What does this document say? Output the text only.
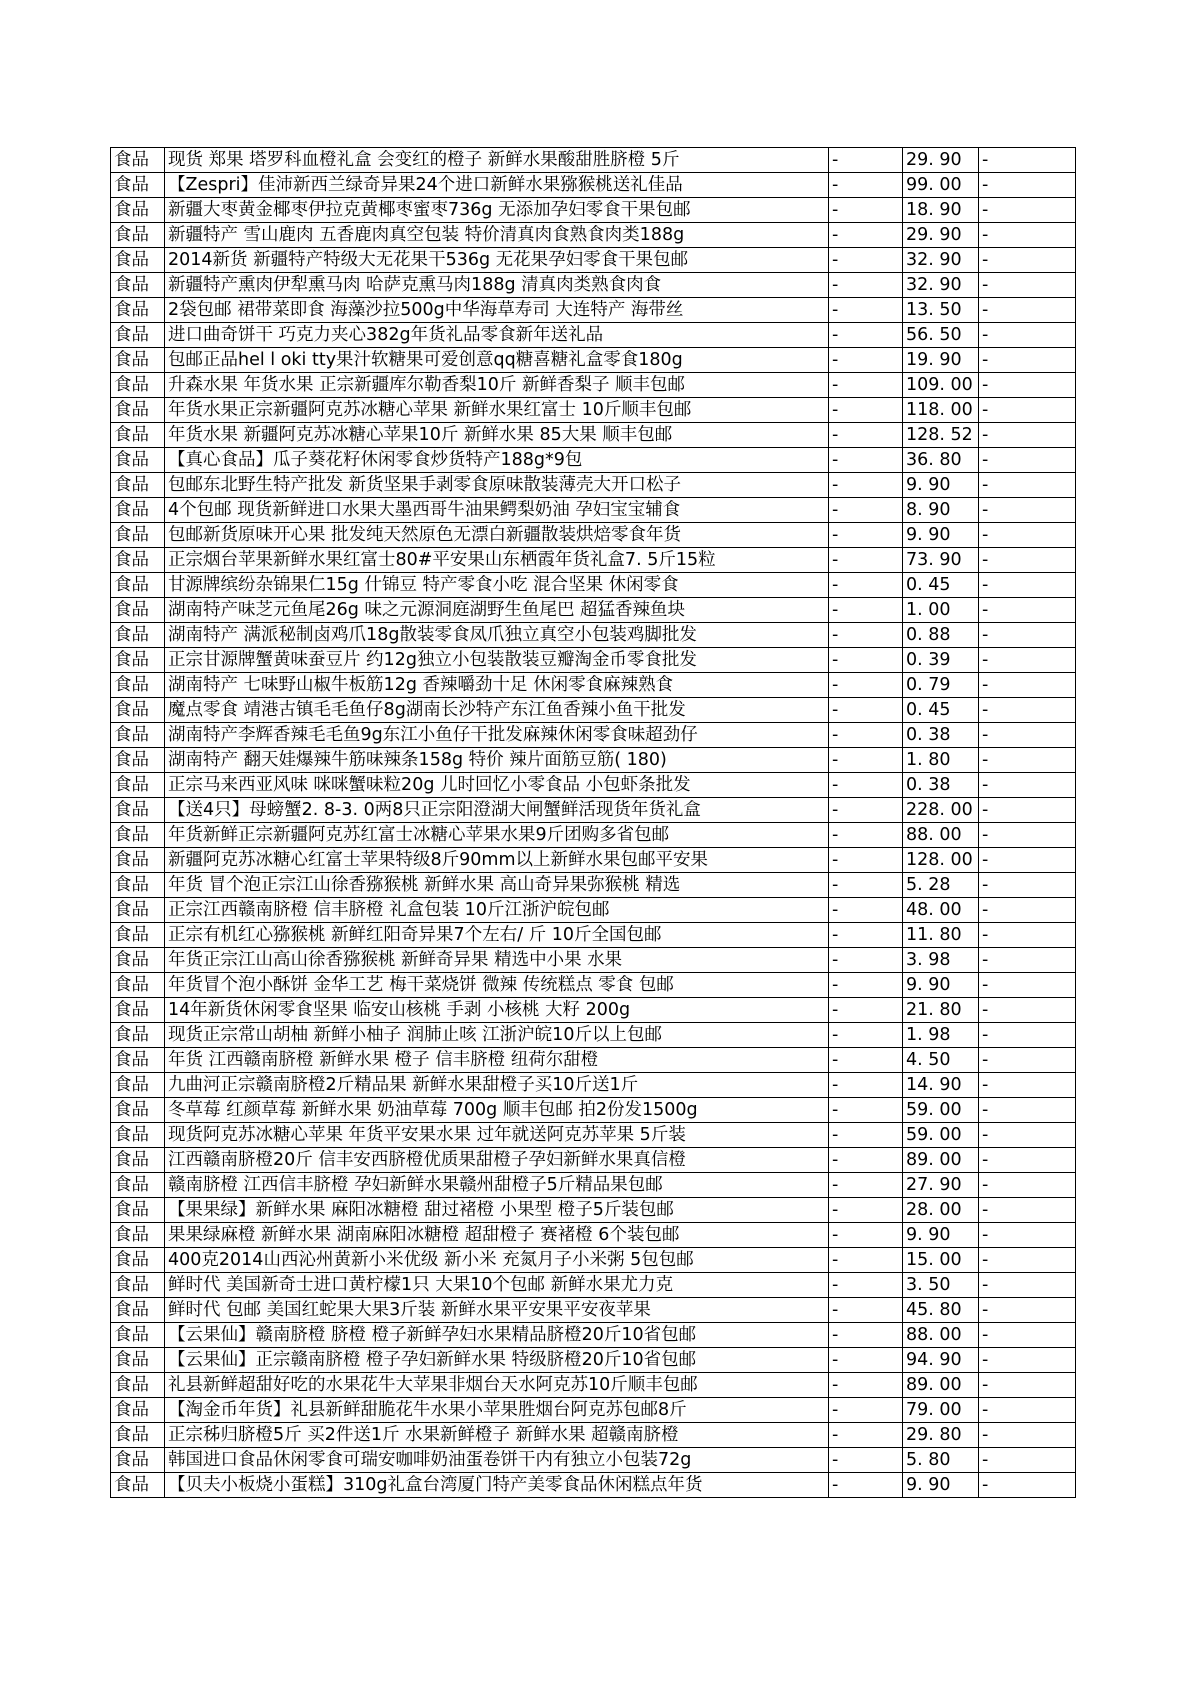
食品	现货 郑果 塔罗科血橙礼盒 会变红的橙子 新鲜水果酸甜胜脐橙 5斤	-	29. 90	-
食品	【Zespri】佳沛新西兰绿奇异果24个进口新鲜水果猕猴桃送礼佳品	-	99. 00	-
食品	新疆大枣黄金椰枣伊拉克黄椰枣蜜枣736g 无添加孕妇零食干果包邮	-	18. 90	-
食品	新疆特产 雪山鹿肉 五香鹿肉真空包装 特价清真肉食熟食肉类188g	-	29. 90	-
食品	2014新货 新疆特产特级大无花果干536g 无花果孕妇零食干果包邮	-	32. 90	-
食品	新疆特产熏肉伊犁熏马肉 哈萨克熏马肉188g 清真肉类熟食肉食	-	32. 90	-
食品	2袋包邮 裙带菜即食 海藻沙拉500g中华海草寿司 大连特产 海带丝	-	13. 50	-
食品	进口曲奇饼干 巧克力夹心382g年货礼品零食新年送礼品	-	56. 50	-
食品	包邮正品hel l oki tty果汁软糖果可爱创意qq糖喜糖礼盒零食180g	-	19. 90	-
食品	升森水果 年货水果 正宗新疆库尔勒香梨10斤 新鲜香梨子 顺丰包邮	-	109. 00	-
食品	年货水果正宗新疆阿克苏冰糖心苹果 新鲜水果红富士 10斤顺丰包邮	-	118. 00	-
食品	年货水果 新疆阿克苏冰糖心苹果10斤 新鲜水果 85大果 顺丰包邮	-	128. 52	-
食品	【真心食品】瓜子葵花籽休闲零食炒货特产188g*9包	-	36. 80	-
食品	包邮东北野生特产批发 新货坚果手剥零食原味散装薄壳大开口松子	-	9. 90	-
食品	4个包邮 现货新鲜进口水果大墨西哥牛油果鳄梨奶油 孕妇宝宝辅食	-	8. 90	-
食品	包邮新货原味开心果 批发纯天然原色无漂白新疆散装烘焙零食年货	-	9. 90	-
食品	正宗烟台苹果新鲜水果红富士80#平安果山东栖霞年货礼盒7. 5斤15粒	-	73. 90	-
食品	甘源牌缤纷杂锦果仁15g 什锦豆 特产零食小吃 混合坚果 休闲零食	-	0. 45	-
食品	湖南特产味芝元鱼尾26g 味之元源洞庭湖野生鱼尾巴 超猛香辣鱼块	-	1. 00	-
食品	湖南特产 满派秘制卤鸡爪18g散装零食凤爪独立真空小包装鸡脚批发	-	0. 88	-
食品	正宗甘源牌蟹黄味蚕豆片 约12g独立小包装散装豆瓣淘金币零食批发	-	0. 39	-
食品	湖南特产 七味野山椒牛板筋12g 香辣嚼劲十足 休闲零食麻辣熟食	-	0. 79	-
食品	魔点零食 靖港古镇毛毛鱼仔8g湖南长沙特产东江鱼香辣小鱼干批发	-	0. 45	-
食品	湖南特产李辉香辣毛毛鱼9g东江小鱼仔干批发麻辣休闲零食味超劲仔	-	0. 38	-
食品	湖南特产 翻天娃爆辣牛筋味辣条158g 特价 辣片面筋豆筋( 180)	-	1. 80	-
食品	正宗马来西亚风味 咪咪蟹味粒20g 儿时回忆小零食品 小包虾条批发	-	0. 38	-
食品	【送4只】母螃蟹2. 8-3. 0两8只正宗阳澄湖大闸蟹鲜活现货年货礼盒	-	228. 00	-
食品	年货新鲜正宗新疆阿克苏红富士冰糖心苹果水果9斤团购多省包邮	-	88. 00	-
食品	新疆阿克苏冰糖心红富士苹果特级8斤90mm以上新鲜水果包邮平安果	-	128. 00	-
食品	年货 冒个泡正宗江山徐香猕猴桃 新鲜水果 高山奇异果弥猴桃 精选	-	5. 28	-
食品	正宗江西赣南脐橙 信丰脐橙 礼盒包装 10斤江浙沪皖包邮	-	48. 00	-
食品	正宗有机红心猕猴桃 新鲜红阳奇异果7个左右/ 斤 10斤全国包邮	-	11. 80	-
食品	年货正宗江山高山徐香猕猴桃 新鲜奇异果 精选中小果 水果	-	3. 98	-
食品	年货冒个泡小酥饼 金华工艺 梅干菜烧饼 微辣 传统糕点 零食 包邮	-	9. 90	-
食品	14年新货休闲零食坚果 临安山核桃 手剥 小核桃 大籽 200g	-	21. 80	-
食品	现货正宗常山胡柚 新鲜小柚子 润肺止咳 江浙沪皖10斤以上包邮	-	1. 98	-
食品	年货 江西赣南脐橙 新鲜水果 橙子 信丰脐橙 纽荷尔甜橙	-	4. 50	-
食品	九曲河正宗赣南脐橙2斤精品果 新鲜水果甜橙子买10斤送1斤	-	14. 90	-
食品	冬草莓 红颜草莓 新鲜水果 奶油草莓 700g 顺丰包邮 拍2份发1500g	-	59. 00	-
食品	现货阿克苏冰糖心苹果 年货平安果水果 过年就送阿克苏苹果 5斤装	-	59. 00	-
食品	江西赣南脐橙20斤 信丰安西脐橙优质果甜橙子孕妇新鲜水果真信橙	-	89. 00	-
食品	赣南脐橙 江西信丰脐橙 孕妇新鲜水果赣州甜橙子5斤精品果包邮	-	27. 90	-
食品	【果果绿】新鲜水果 麻阳冰糖橙 甜过褚橙 小果型 橙子5斤装包邮	-	28. 00	-
食品	果果绿麻橙 新鲜水果 湖南麻阳冰糖橙 超甜橙子 赛褚橙 6个装包邮	-	9. 90	-
食品	400克2014山西沁州黄新小米优级 新小米 充氮月子小米粥 5包包邮	-	15. 00	-
食品	鲜时代 美国新奇士进口黄柠檬1只 大果10个包邮 新鲜水果尤力克	-	3. 50	-
食品	鲜时代 包邮 美国红蛇果大果3斤装 新鲜水果平安果平安夜苹果	-	45. 80	-
食品	【云果仙】赣南脐橙 脐橙 橙子新鲜孕妇水果精品脐橙20斤10省包邮	-	88. 00	-
食品	【云果仙】正宗赣南脐橙 橙子孕妇新鲜水果 特级脐橙20斤10省包邮	-	94. 90	-
食品	礼县新鲜超甜好吃的水果花牛大苹果非烟台天水阿克苏10斤顺丰包邮	-	89. 00	-
食品	【淘金币年货】礼县新鲜甜脆花牛水果小苹果胜烟台阿克苏包邮8斤	-	79. 00	-
食品	正宗秭归脐橙5斤 买2件送1斤 水果新鲜橙子 新鲜水果 超赣南脐橙	-	29. 80	-
食品	韩国进口食品休闲零食可瑞安咖啡奶油蛋卷饼干内有独立小包装72g	-	5. 80	-
食品	【贝夫小板烧小蛋糕】310g礼盒台湾厦门特产美零食品休闲糕点年货	-	9. 90	-
